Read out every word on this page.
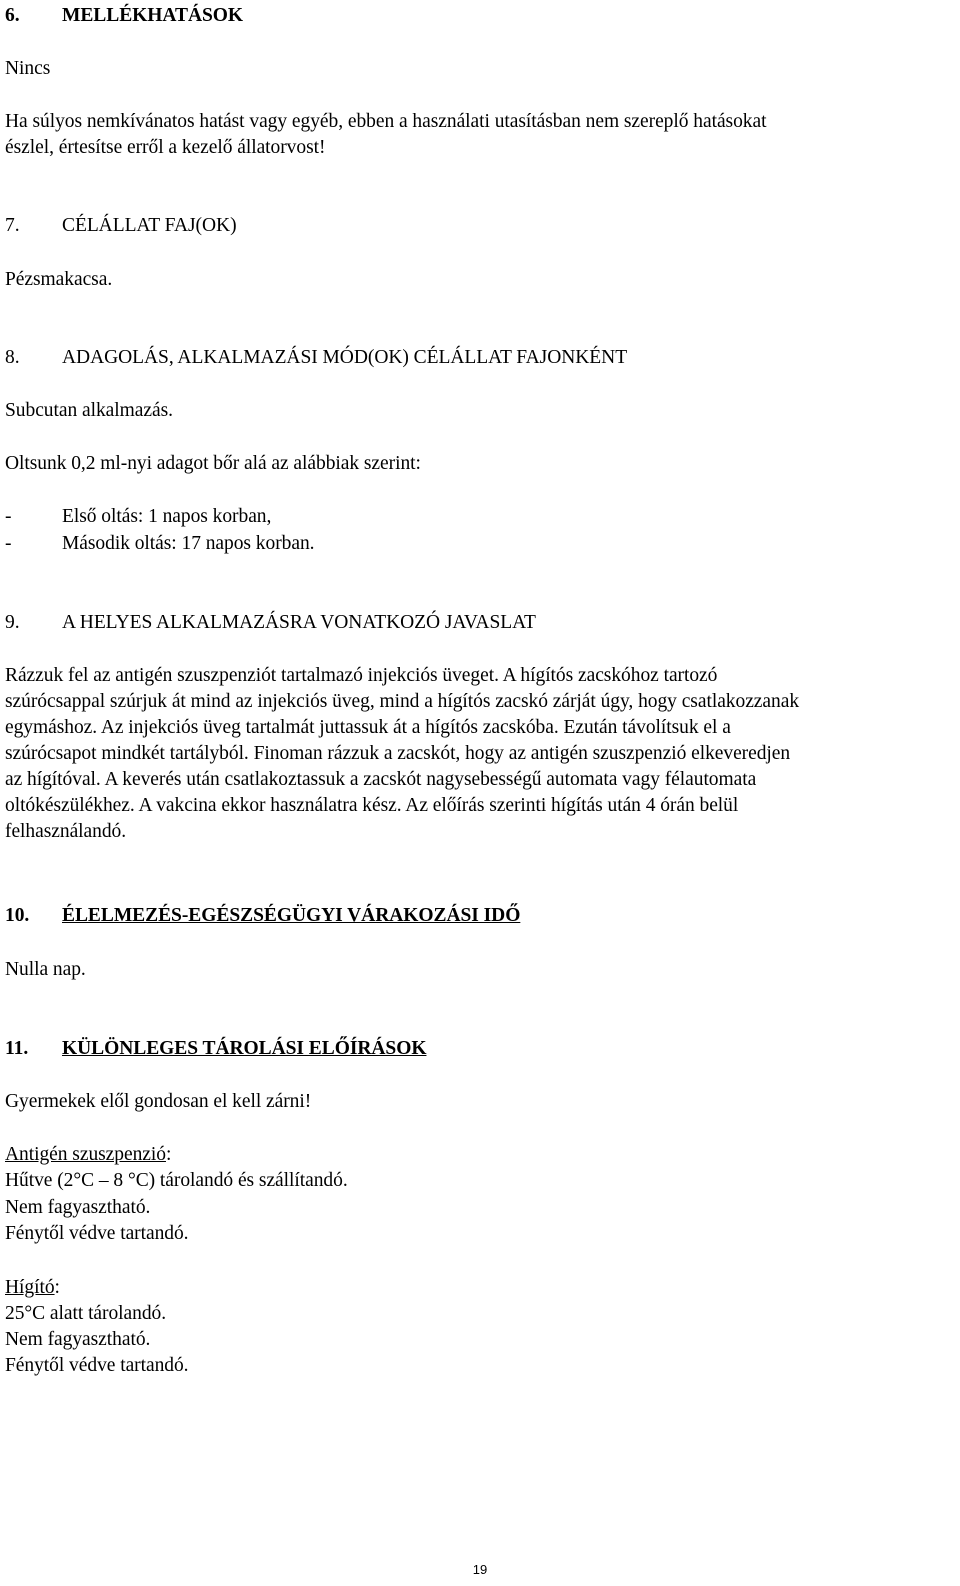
6. MELLÉKHATÁSOK
Nincs
Ha súlyos nemkívánatos hatást vagy egyéb, ebben a használati utasításban nem szereplő hatásokat
észlel, értesítse erről a kezelő állatorvost!
7. CÉLÁLLAT FAJ(OK)
Pézsmakacsa.
8. ADAGOLÁS, ALKALMAZÁSI MÓD(OK) CÉLÁLLAT FAJONKÉNT
Subcutan alkalmazás.
Oltsunk 0,2 ml-nyi adagot bőr alá az alábbiak szerint:
-	Első oltás: 1 napos korban,
-	Második oltás: 17 napos korban.
9. A HELYES ALKALMAZÁSRA VONATKOZÓ JAVASLAT
Rázzuk fel az antigén szuszpenziót tartalmazó injekciós üveget. A hígítós zacskóhoz tartozó
szúrócsappal szúrjuk át mind az injekciós üveg, mind a hígítós zacskó zárját úgy, hogy csatlakozzanak
egymáshoz. Az injekciós üveg tartalmát juttassuk át a hígítós zacskóba. Ezután távolítsuk el a
szúrócsapot mindkét tartályból. Finoman rázzuk a zacskót, hogy az antigén szuszpenzió elkeveredjen
az hígítóval. A keverés után csatlakoztassuk a zacskót nagysebességű automata vagy félautomata
oltókészülékhez. A vakcina ekkor használatra kész. Az előírás szerinti hígítás után 4 órán belül
felhasználandó.
10. ÉLELMEZÉS-EGÉSZSÉGÜGYI VÁRAKOZÁSI IDŐ
Nulla nap.
11. KÜLÖNLEGES TÁROLÁSI ELŐÍRÁSOK
Gyermekek elől gondosan el kell zárni!
Antigén szuszpenzió:
Hűtve (2°C – 8 °C) tárolandó és szállítandó.
Nem fagyasztható.
Fénytől védve tartandó.
Hígító:
25°C alatt tárolandó.
Nem fagyasztható.
Fénytől védve tartandó.
19
